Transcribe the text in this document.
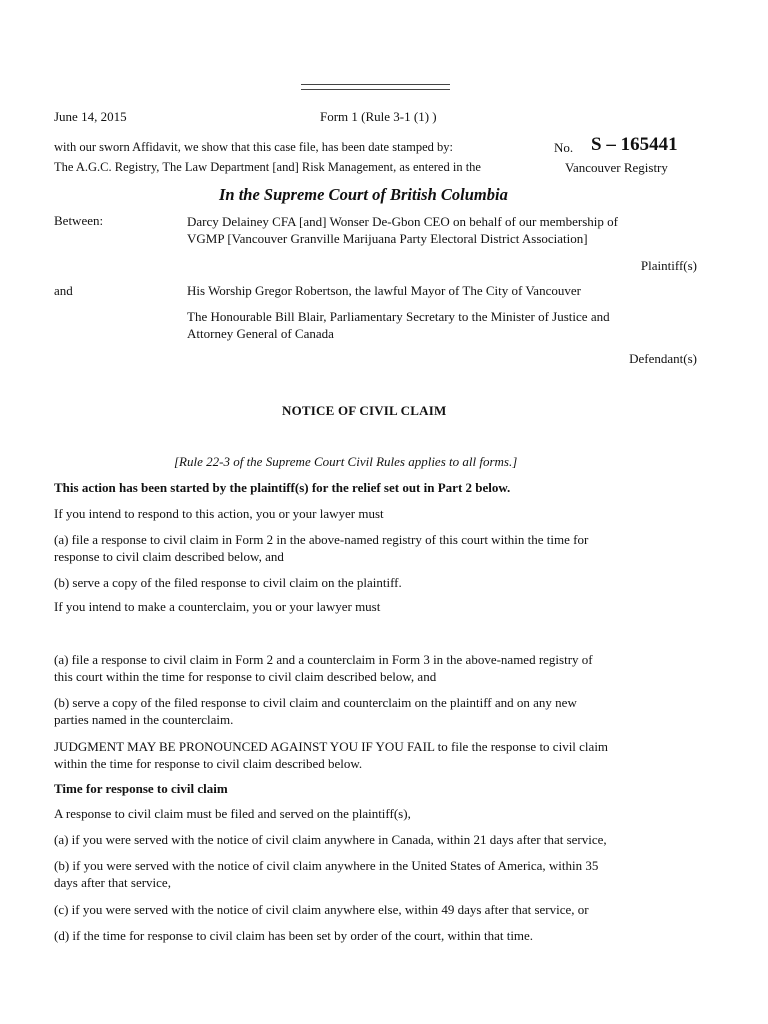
June 14, 2015	Form 1 (Rule 3-1 (1) )
with our sworn Affidavit, we show that this case file, has been date stamped by:	No. S – 165441
The A.G.C. Registry, The Law Department [and] Risk Management, as entered in the	Vancouver Registry
In the Supreme Court of British Columbia
Between:	Darcy Delainey CFA [and] Wonser De-Gbon CEO on behalf of our membership of
VGMP [Vancouver Granville Marijuana Party Electoral District Association]
Plaintiff(s)
and	His Worship Gregor Robertson, the lawful Mayor of The City of Vancouver
The Honourable Bill Blair, Parliamentary Secretary to the Minister of Justice and
Attorney General of Canada
Defendant(s)
NOTICE OF CIVIL CLAIM
[Rule 22-3 of the Supreme Court Civil Rules applies to all forms.]
This action has been started by the plaintiff(s) for the relief set out in Part 2 below.
If you intend to respond to this action, you or your lawyer must
(a) file a response to civil claim in Form 2 in the above-named registry of this court within the time for
response to civil claim described below, and
(b) serve a copy of the filed response to civil claim on the plaintiff.
If you intend to make a counterclaim, you or your lawyer must
(a) file a response to civil claim in Form 2 and a counterclaim in Form 3 in the above-named registry of
this court within the time for response to civil claim described below, and
(b) serve a copy of the filed response to civil claim and counterclaim on the plaintiff and on any new
parties named in the counterclaim.
JUDGMENT MAY BE PRONOUNCED AGAINST YOU IF YOU FAIL to file the response to civil claim
within the time for response to civil claim described below.
Time for response to civil claim
A response to civil claim must be filed and served on the plaintiff(s),
(a) if you were served with the notice of civil claim anywhere in Canada, within 21 days after that service,
(b) if you were served with the notice of civil claim anywhere in the United States of America, within 35
days after that service,
(c) if you were served with the notice of civil claim anywhere else, within 49 days after that service, or
(d) if the time for response to civil claim has been set by order of the court, within that time.
